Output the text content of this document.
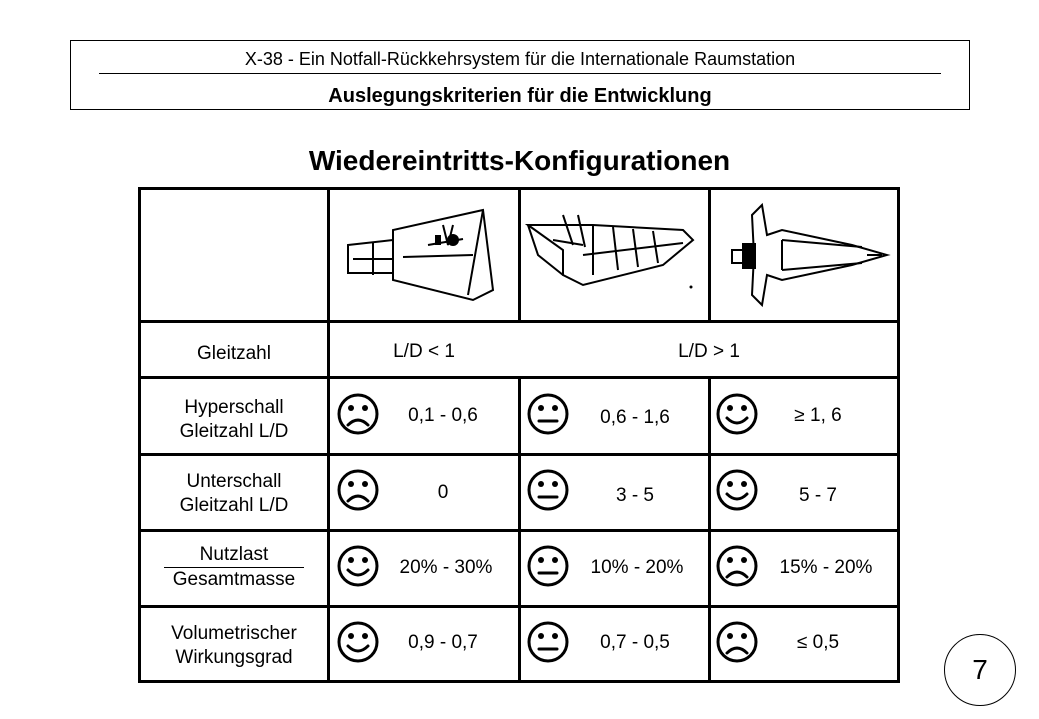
X-38 - Ein Notfall-Rückkehrsystem für die Internationale Raumstation
Auslegungskriterien für die Entwicklung
Wiedereintritts-Konfigurationen
Gleitzahl	L/D < 1	L/D > 1
Hyperschall
Gleitzahl L/D
0,1 - 0,6	0,6 - 1,6	≥ 1, 6
Unterschall
Gleitzahl L/D
0	3 - 5	5 - 7
Nutzlast
Gesamtmasse
20% - 30%	10% - 20%	15% - 20%
Volumetrischer
Wirkungsgrad
0,9 - 0,7	0,7 - 0,5	≤ 0,5
7
